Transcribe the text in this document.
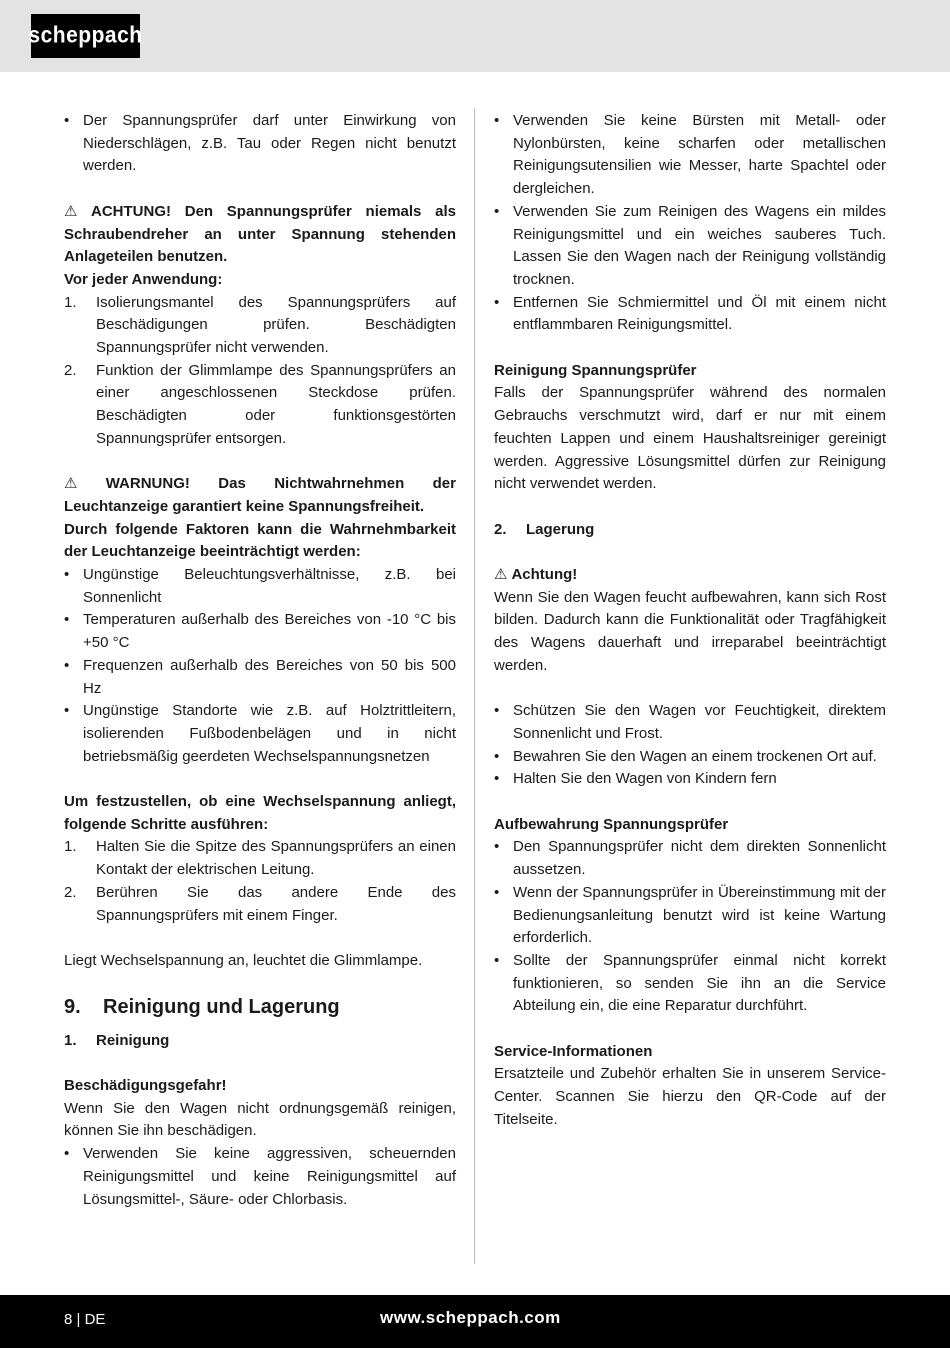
scheppach
• Der Spannungsprüfer darf unter Einwirkung von Niederschlägen, z.B. Tau oder Regen nicht benutzt werden.

⚠ ACHTUNG! Den Spannungsprüfer niemals als Schraubendreher an unter Spannung stehenden Anlageteilen benutzen.

Vor jeder Anwendung:

1. Isolierungsmantel des Spannungsprüfers auf Beschädigungen prüfen. Beschädigten Spannungsprüfer nicht verwenden.
2. Funktion der Glimmlampe des Spannungsprüfers an einer angeschlossenen Steckdose prüfen. Beschädigten oder funktionsgestörten Spannungsprüfer entsorgen.

⚠ WARNUNG! Das Nichtwahrnehmen der Leuchtanzeige garantiert keine Spannungsfreiheit.

Durch folgende Faktoren kann die Wahrnehmbarkeit der Leuchtanzeige beeinträchtigt werden:

• Ungünstige Beleuchtungsverhältnisse, z.B. bei Sonnenlicht
• Temperaturen außerhalb des Bereiches von -10 °C bis +50 °C
• Frequenzen außerhalb des Bereiches von 50 bis 500 Hz
• Ungünstige Standorte wie z.B. auf Holztrittleitern, isolierenden Fußbodenbelägen und in nicht betriebsmäßig geerdeten Wechselspannungsnetzen

Um festzustellen, ob eine Wechselspannung anliegt, folgende Schritte ausführen:

1. Halten Sie die Spitze des Spannungsprüfers an einen Kontakt der elektrischen Leitung.
2. Berühren Sie das andere Ende des Spannungsprüfers mit einem Finger.

Liegt Wechselspannung an, leuchtet die Glimmlampe.

9. Reinigung und Lagerung

1. Reinigung

Beschädigungsgefahr!

Wenn Sie den Wagen nicht ordnungsgemäß reinigen, können Sie ihn beschädigen.

• Verwenden Sie keine aggressiven, scheuernden Reinigungsmittel und keine Reinigungsmittel auf Lösungsmittel-, Säure- oder Chlorbasis.
• Verwenden Sie keine Bürsten mit Metall- oder Nylonbürsten, keine scharfen oder metallischen Reinigungsutensilien wie Messer, harte Spachtel oder dergleichen.
• Verwenden Sie zum Reinigen des Wagens ein mildes Reinigungsmittel und ein weiches sauberes Tuch. Lassen Sie den Wagen nach der Reinigung vollständig trocknen.
• Entfernen Sie Schmiermittel und Öl mit einem nicht entflammbaren Reinigungsmittel.

Reinigung Spannungsprüfer

Falls der Spannungsprüfer während des normalen Gebrauchs verschmutzt wird, darf er nur mit einem feuchten Lappen und einem Haushaltsreiniger gereinigt werden. Aggressive Lösungsmittel dürfen zur Reinigung nicht verwendet werden.

2. Lagerung

⚠ Achtung!

Wenn Sie den Wagen feucht aufbewahren, kann sich Rost bilden. Dadurch kann die Funktionalität oder Tragfähigkeit des Wagens dauerhaft und irreparabel beeinträchtigt werden.

• Schützen Sie den Wagen vor Feuchtigkeit, direktem Sonnenlicht und Frost.
• Bewahren Sie den Wagen an einem trockenen Ort auf.
• Halten Sie den Wagen von Kindern fern

Aufbewahrung Spannungsprüfer

• Den Spannungsprüfer nicht dem direkten Sonnenlicht aussetzen.
• Wenn der Spannungsprüfer in Übereinstimmung mit der Bedienungsanleitung benutzt wird ist keine Wartung erforderlich.
• Sollte der Spannungsprüfer einmal nicht korrekt funktionieren, so senden Sie ihn an die Service Abteilung ein, die eine Reparatur durchführt.

Service-Informationen

Ersatzteile und Zubehör erhalten Sie in unserem Service-Center. Scannen Sie hierzu den QR-Code auf der Titelseite.

8 | DE	www.scheppach.com
